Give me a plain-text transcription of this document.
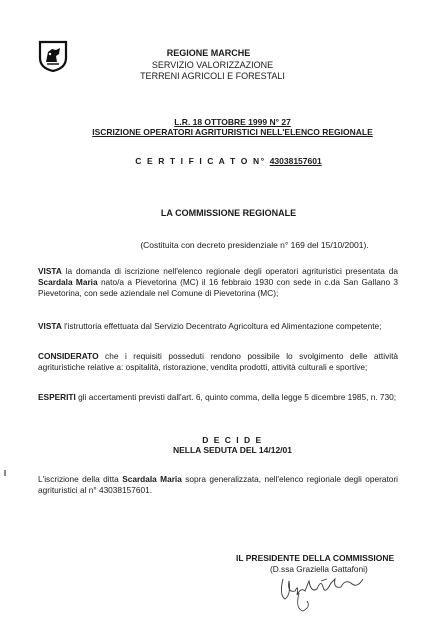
REGIONE MARCHE
SERVIZIO VALORIZZAZIONE
TERRENI AGRICOLI E FORESTALI
L.R. 18 OTTOBRE 1999 N° 27
ISCRIZIONE OPERATORI AGRITURISTICI NELL'ELENCO REGIONALE
C E R T I F I C A T O N° 43038157601
LA COMMISSIONE REGIONALE
(Costituita con decreto presidenziale n° 169 del 15/10/2001).
VISTA la domanda di iscrizione nell'elenco regionale degli operatori agrituristici presentata da Scardala Maria nato/a a Pievetorina (MC) il 16 febbraio 1930 con sede in c.da San Gallano 3 Pievetorina, con sede aziendale nel Comune di Pievetorina (MC);
VISTA l'istruttoria effettuata dal Servizio Decentrato Agricoltura ed Alimentazione competente;
CONSIDERATO che i requisiti posseduti rendono possibile lo svolgimento delle attività agrituristiche relative a: ospitalità, ristorazione, vendita prodotti, attività culturali e sportive;
ESPERITI gli accertamenti previsti dall'art. 6, quinto comma, della legge 5 dicembre 1985, n. 730;
D E C I D E
NELLA SEDUTA DEL 14/12/01
L'iscrizione della ditta Scardala Maria sopra generalizzata, nell'elenco regionale degli operatori agrituristici al n° 43038157601.
IL PRESIDENTE DELLA COMMISSIONE
(D.ssa Graziella Gattafoni)
